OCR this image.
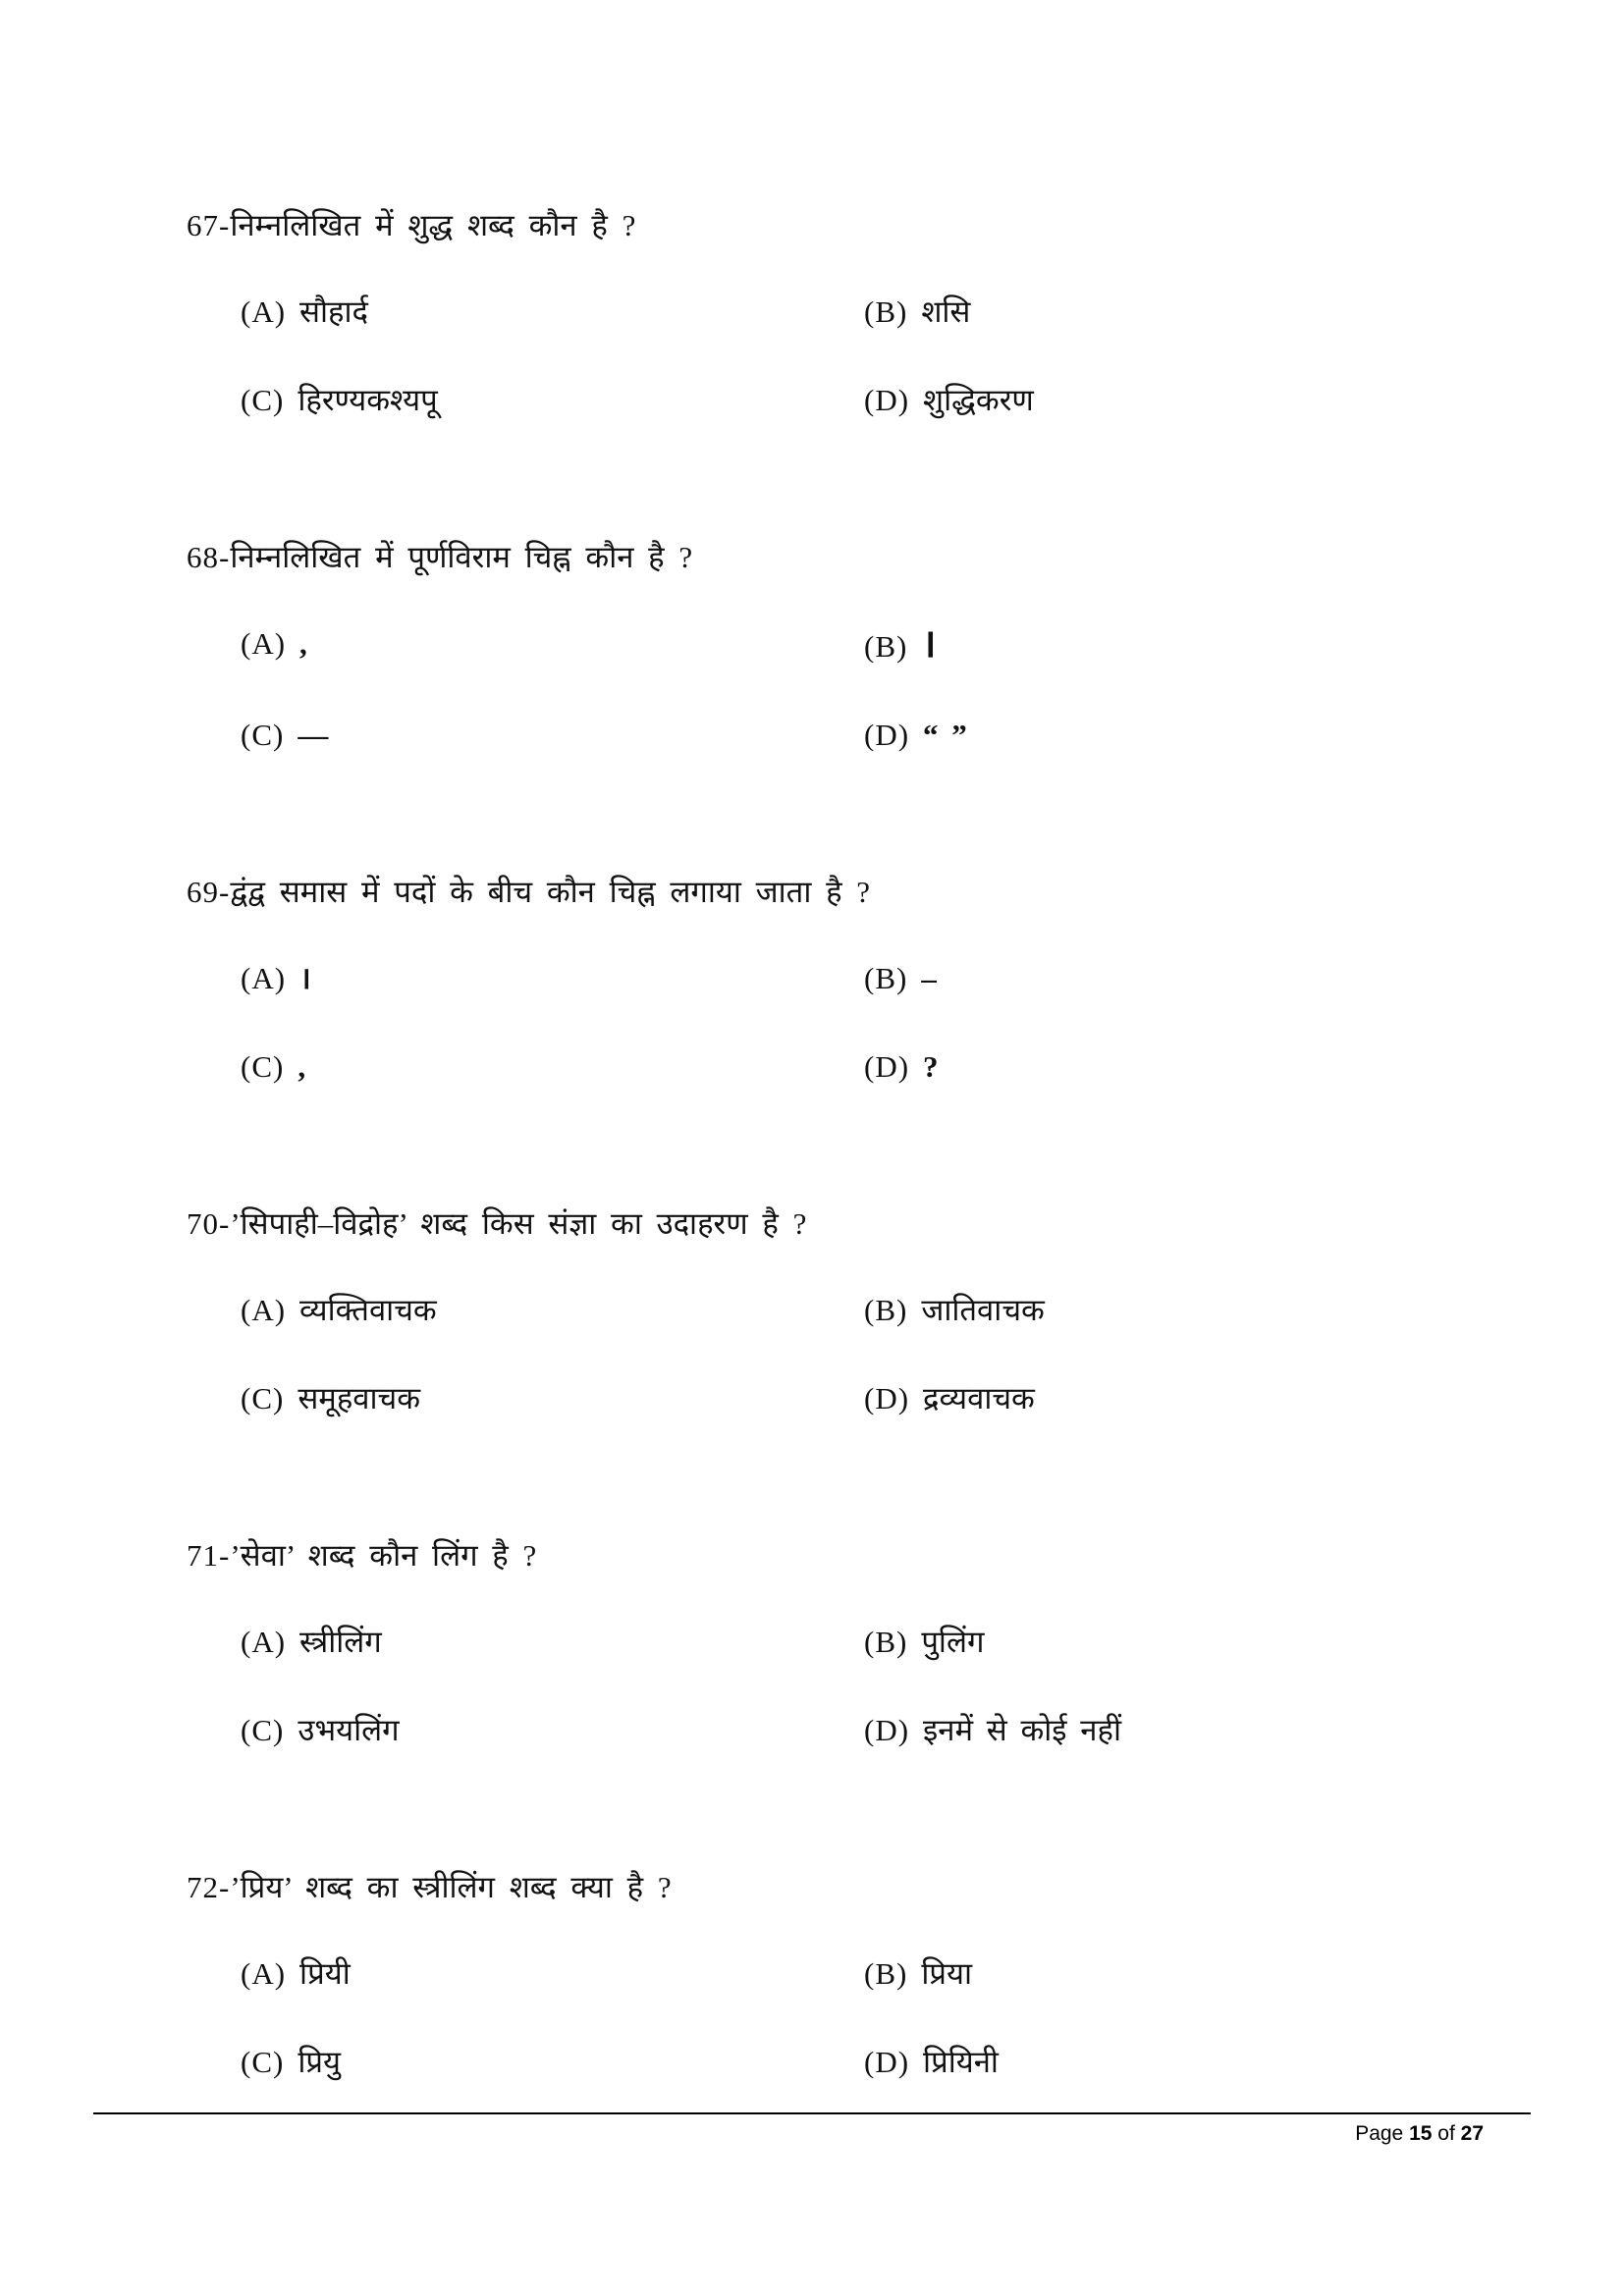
67-निम्नलिखित में शुद्ध शब्द कौन है ?
(A) सौहार्द	(B) शसि
(C) हिरण्यकश्यपू	(D) शुद्धिकरण
68-निम्नलिखित में पूर्णविराम चिह्न कौन है ?
(A) ,	(B) ।
(C) —	(D) “ ”
69-द्वंद्व समास में पदों के बीच कौन चिह्न लगाया जाता है ?
(A) ।	(B) –
(C) ,	(D) ?
70-’सिपाही–विद्रोह’ शब्द किस संज्ञा का उदाहरण है ?
(A) व्यक्तिवाचक	(B) जातिवाचक
(C) समूहवाचक	(D) द्रव्यवाचक
71-’सेवा’ शब्द कौन लिंग है ?
(A) स्त्रीलिंग	(B) पुलिंग
(C) उभयलिंग	(D) इनमें से कोई नहीं
72-’प्रिय’ शब्द का स्त्रीलिंग शब्द क्या है ?
(A) प्रियी	(B) प्रिया
(C) प्रियु	(D) प्रियिनी
Page 15 of 27
